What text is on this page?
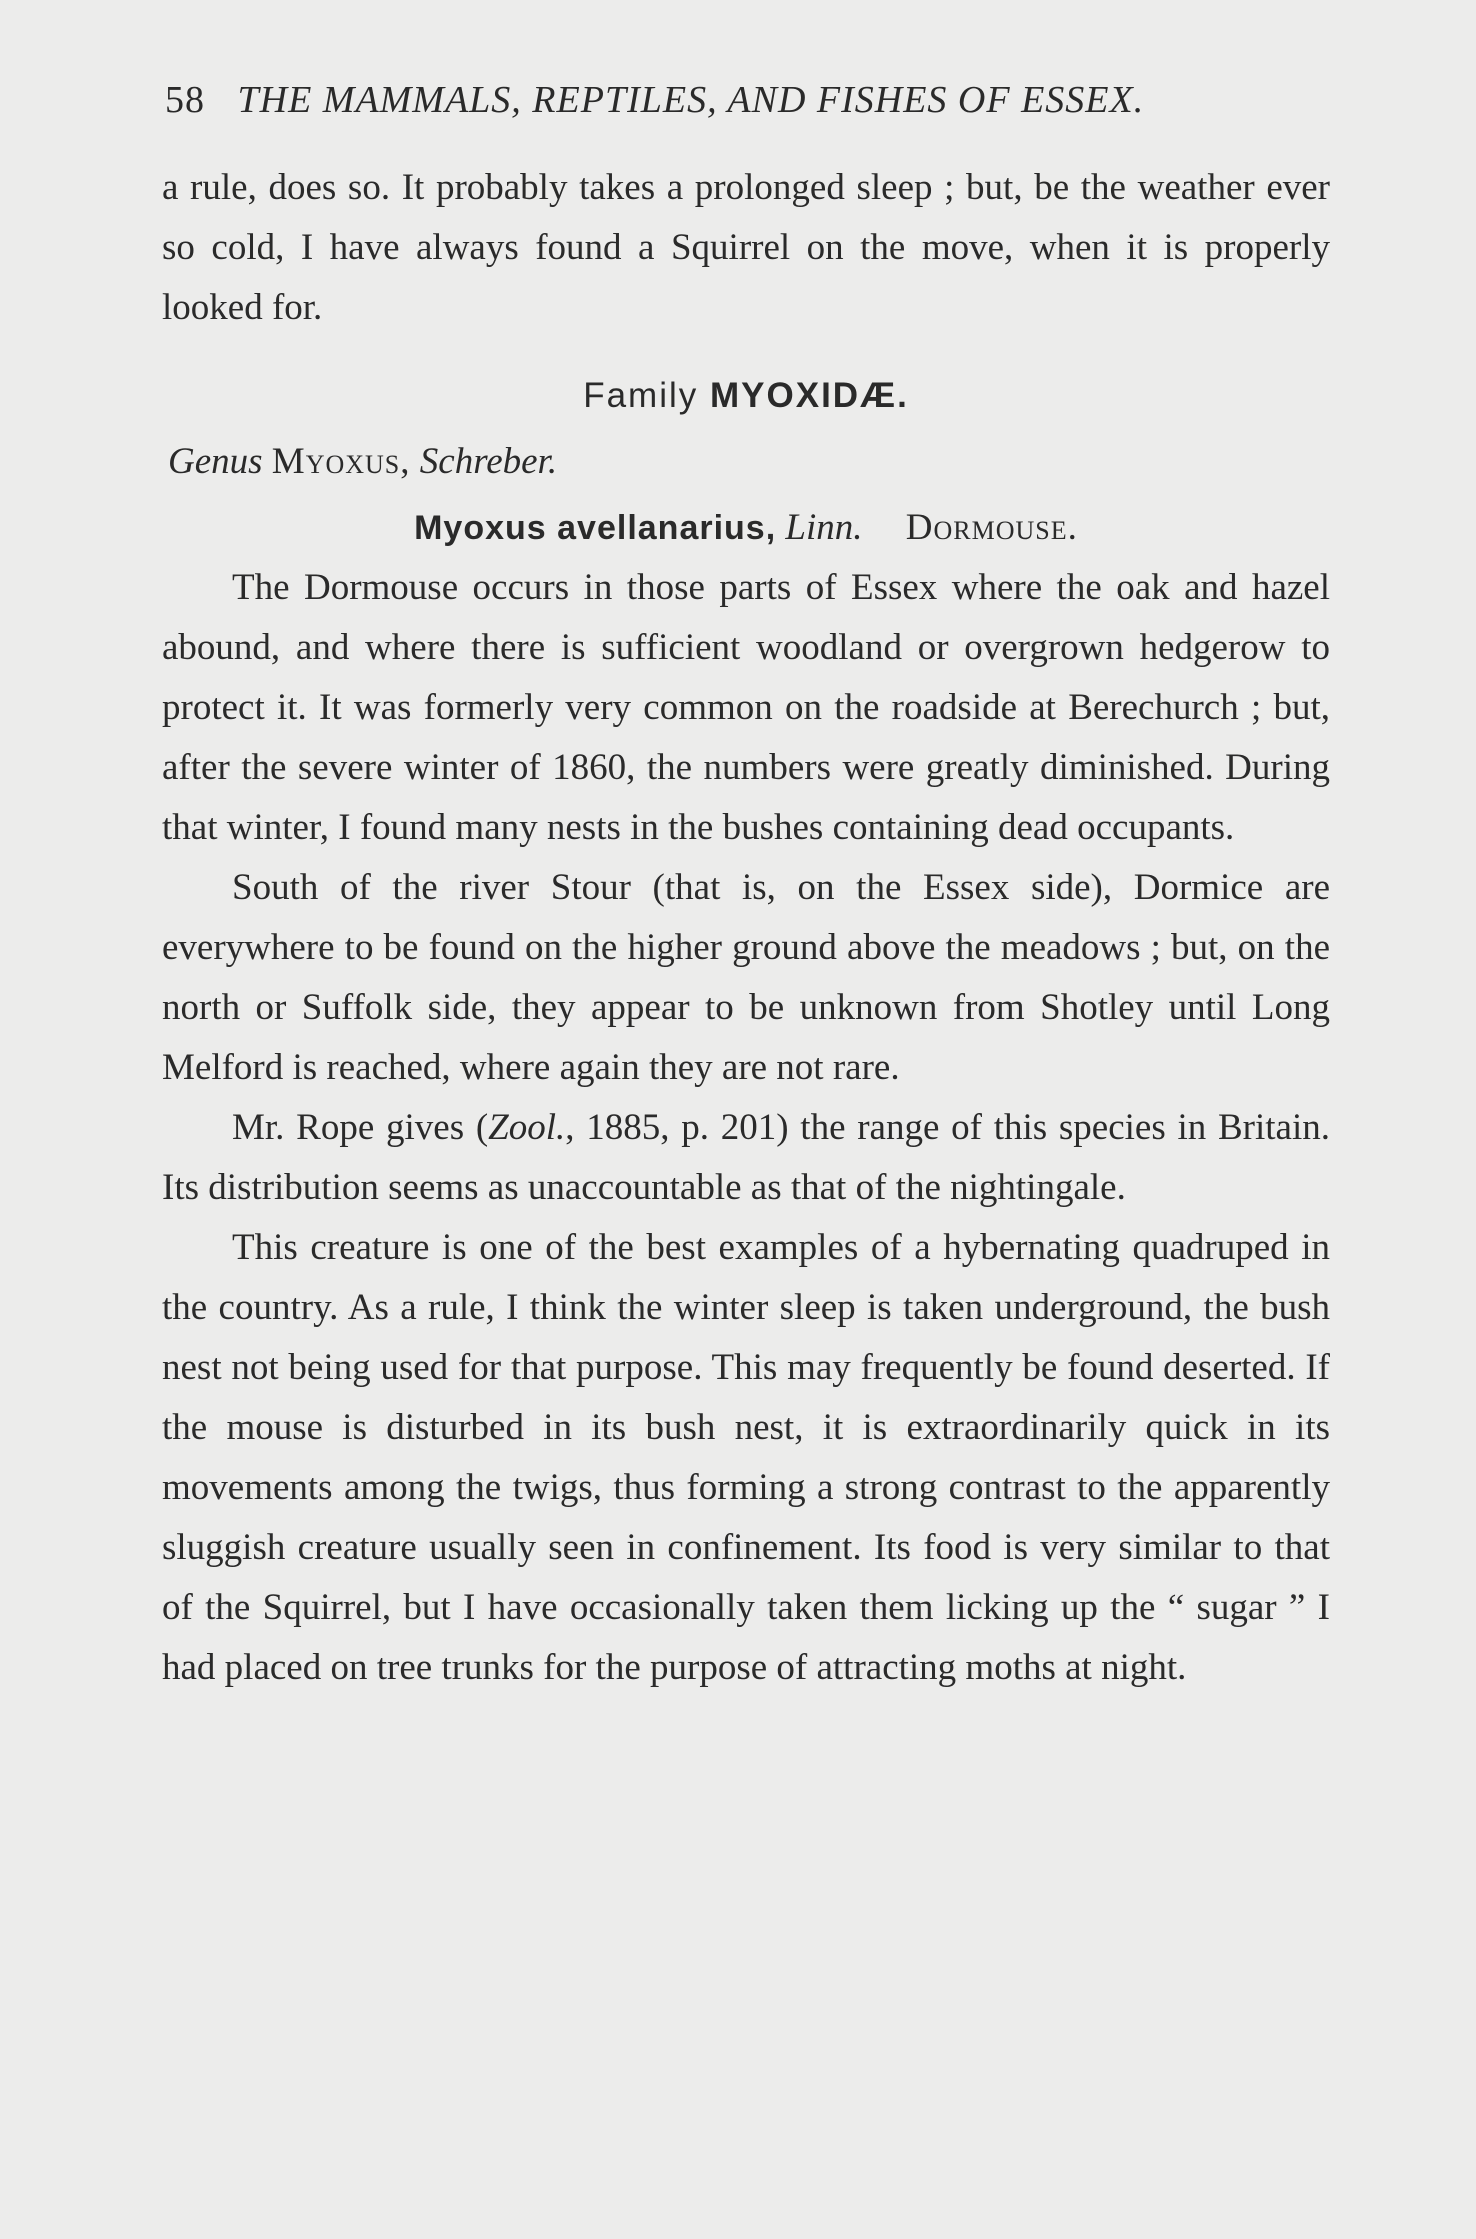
58 THE MAMMALS, REPTILES, AND FISHES OF ESSEX.

a rule, does so. It probably takes a prolonged sleep ; but, be the weather ever so cold, I have always found a Squirrel on the move, when it is properly looked for.

Family MYOXIDÆ.
Genus Myoxus, Schreber.
Myoxus avellanarius, Linn. Dormouse.

The Dormouse occurs in those parts of Essex where the oak and hazel abound, and where there is sufficient woodland or overgrown hedgerow to protect it. It was formerly very common on the roadside at Berechurch ; but, after the severe winter of 1860, the numbers were greatly diminished. During that winter, I found many nests in the bushes containing dead occupants.

South of the river Stour (that is, on the Essex side), Dormice are everywhere to be found on the higher ground above the meadows ; but, on the north or Suffolk side, they appear to be unknown from Shotley until Long Melford is reached, where again they are not rare.

Mr. Rope gives (Zool., 1885, p. 201) the range of this species in Britain. Its distribution seems as unaccountable as that of the nightingale.

This creature is one of the best examples of a hybernating quadruped in the country. As a rule, I think the winter sleep is taken underground, the bush nest not being used for that purpose. This may frequently be found deserted. If the mouse is disturbed in its bush nest, it is extraordinarily quick in its movements among the twigs, thus forming a strong contrast to the apparently sluggish creature usually seen in confinement. Its food is very similar to that of the Squirrel, but I have occasionally taken them licking up the “ sugar ” I had placed on tree trunks for the purpose of attracting moths at night.
